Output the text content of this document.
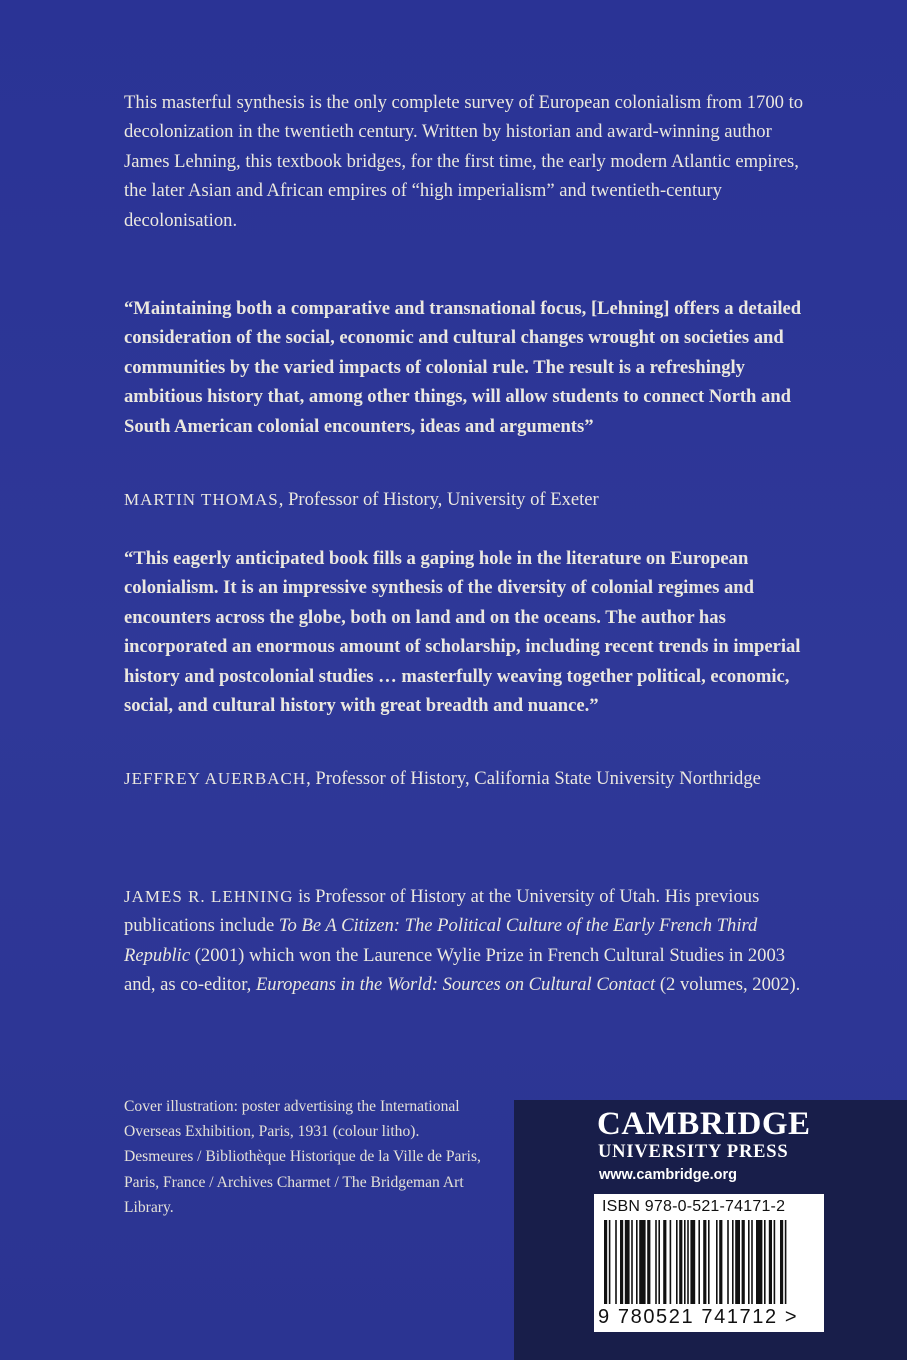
This masterful synthesis is the only complete survey of European colonialism from 1700 to decolonization in the twentieth century. Written by historian and award-winning author James Lehning, this textbook bridges, for the first time, the early modern Atlantic empires, the later Asian and African empires of “high imperialism” and twentieth-century decolonisation.

“Maintaining both a comparative and transnational focus, [Lehning] offers a detailed consideration of the social, economic and cultural changes wrought on societies and communities by the varied impacts of colonial rule. The result is a refreshingly ambitious history that, among other things, will allow students to connect North and South American colonial encounters, ideas and arguments”

MARTIN THOMAS, Professor of History, University of Exeter

“This eagerly anticipated book fills a gaping hole in the literature on European colonialism. It is an impressive synthesis of the diversity of colonial regimes and encounters across the globe, both on land and on the oceans. The author has incorporated an enormous amount of scholarship, including recent trends in imperial history and postcolonial studies … masterfully weaving together political, economic, social, and cultural history with great breadth and nuance.”

JEFFREY AUERBACH, Professor of History, California State University Northridge

JAMES R. LEHNING is Professor of History at the University of Utah. His previous publications include To Be A Citizen: The Political Culture of the Early French Third Republic (2001) which won the Laurence Wylie Prize in French Cultural Studies in 2003 and, as co-editor, Europeans in the World: Sources on Cultural Contact (2 volumes, 2002).

Cover illustration: poster advertising the International Overseas Exhibition, Paris, 1931 (colour litho). Desmeures / Bibliothèque Historique de la Ville de Paris, Paris, France / Archives Charmet / The Bridgeman Art Library.

CAMBRIDGE
UNIVERSITY PRESS
www.cambridge.org
ISBN 978-0-521-74171-2
9 780521 741712 >
